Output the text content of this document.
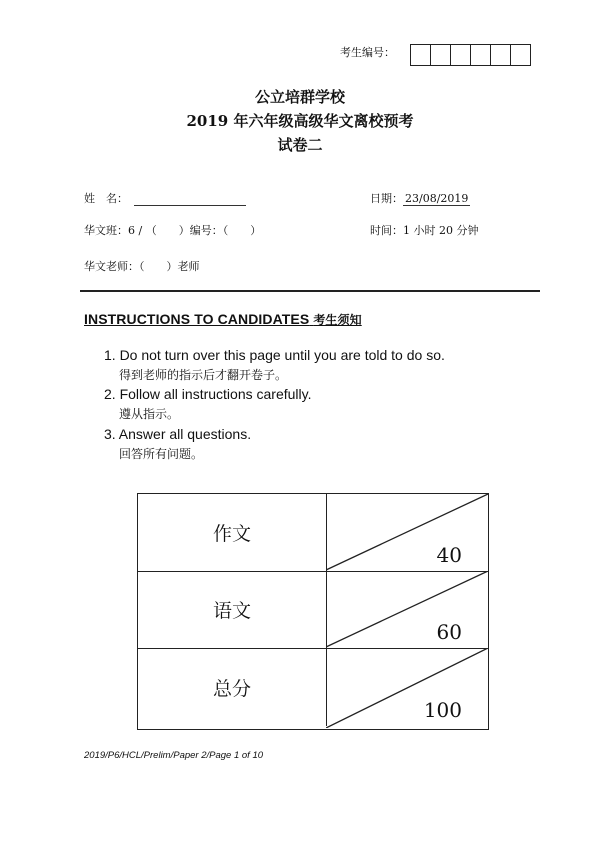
考生编号：
公立培群学校
2019 年六年级高级华文离校预考
试卷二
姓　名：	日期： 23/08/2019
华文班：6 / （　　）编号：（　　）	时间：1 小时 20 分钟
华文老师：（　　）老师
INSTRUCTIONS TO CANDIDATES 考生须知
1. Do not turn over this page until you are told to do so.
得到老师的指示后才翻开卷子。
2. Follow all instructions carefully.
遵从指示。
3. Answer all questions.
回答所有问题。
作文
40
语文
60
总分
100
2019/P6/HCL/Prelim/Paper 2/Page 1 of 10
